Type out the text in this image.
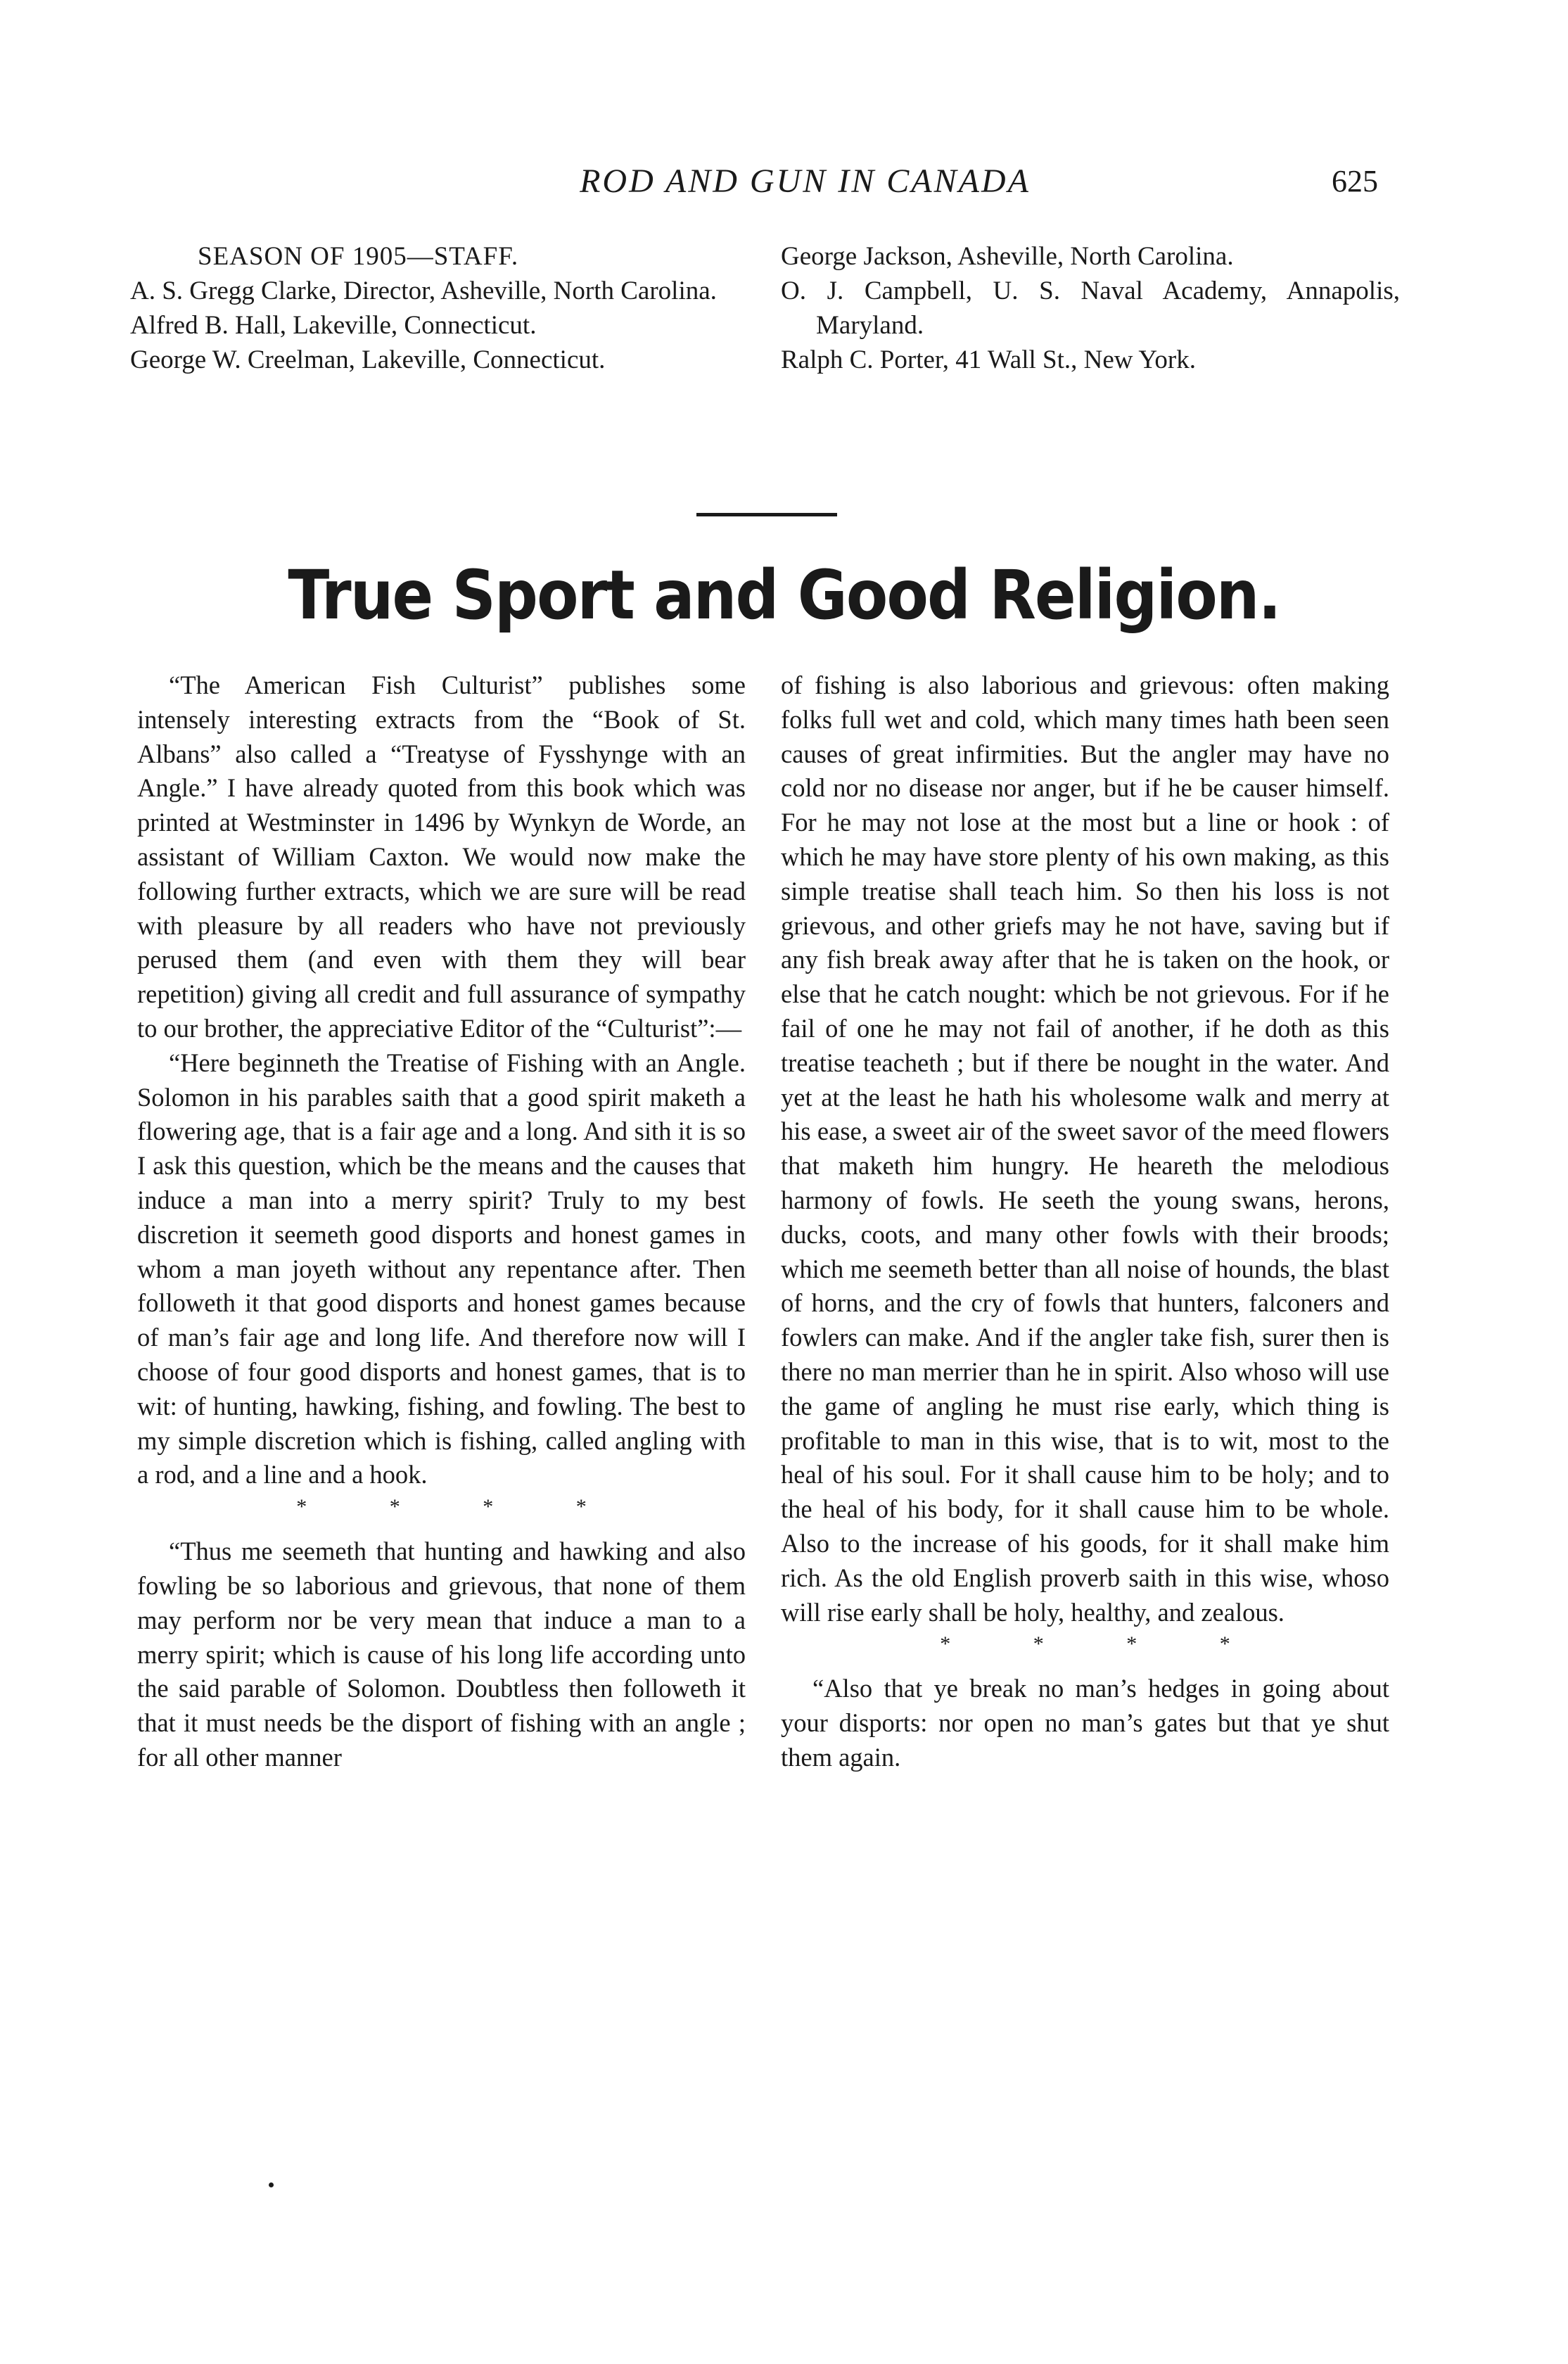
ROD AND GUN IN CANADA	625
SEASON OF 1905—STAFF.

A. S. Gregg Clarke, Director, Asheville, North Carolina.

Alfred B. Hall, Lakeville, Connecticut.

George W. Creelman, Lakeville, Connecticut.

George Jackson, Asheville, North Carolina.

O. J. Campbell, U. S. Naval Academy, Annapolis, Maryland.

Ralph C. Porter, 41 Wall St., New York.

True Sport and Good Religion.

“The American Fish Culturist” publishes some intensely interesting extracts from the “Book of St. Albans” also called a “Treatyse of Fysshynge with an Angle.” I have already quoted from this book which was printed at Westminster in 1496 by Wynkyn de Worde, an assistant of William Caxton. We would now make the following further extracts, which we are sure will be read with pleasure by all readers who have not previously perused them (and even with them they will bear repetition) giving all credit and full assurance of sympathy to our brother, the appreciative Editor of the “Culturist”:—

“Here beginneth the Treatise of Fishing with an Angle. Solomon in his parables saith that a good spirit maketh a flowering age, that is a fair age and a long. And sith it is so I ask this question, which be the means and the causes that induce a man into a merry spirit? Truly to my best discretion it seemeth good disports and honest games in whom a man joyeth without any repentance after. Then followeth it that good disports and honest games because of man’s fair age and long life. And therefore now will I choose of four good disports and honest games, that is to wit: of hunting, hawking, fishing, and fowling. The best to my simple discretion which is fishing, called angling with a rod, and a line and a hook.

* * * *

“Thus me seemeth that hunting and hawking and also fowling be so laborious and grievous, that none of them may perform nor be very mean that induce a man to a merry spirit; which is cause of his long life according unto the said parable of Solomon. Doubtless then followeth it that it must needs be the disport of fishing with an angle ; for all other manner

of fishing is also laborious and grievous: often making folks full wet and cold, which many times hath been seen causes of great infirmities. But the angler may have no cold nor no disease nor anger, but if he be causer himself. For he may not lose at the most but a line or hook : of which he may have store plenty of his own making, as this simple treatise shall teach him. So then his loss is not grievous, and other griefs may he not have, saving but if any fish break away after that he is taken on the hook, or else that he catch nought: which be not grievous. For if he fail of one he may not fail of another, if he doth as this treatise teacheth ; but if there be nought in the water. And yet at the least he hath his wholesome walk and merry at his ease, a sweet air of the sweet savor of the meed flowers that maketh him hungry. He heareth the melodious harmony of fowls. He seeth the young swans, herons, ducks, coots, and many other fowls with their broods; which me seemeth better than all noise of hounds, the blast of horns, and the cry of fowls that hunters, falconers and fowlers can make. And if the angler take fish, surer then is there no man merrier than he in spirit. Also whoso will use the game of angling he must rise early, which thing is profitable to man in this wise, that is to wit, most to the heal of his soul. For it shall cause him to be holy; and to the heal of his body, for it shall cause him to be whole. Also to the increase of his goods, for it shall make him rich. As the old English proverb saith in this wise, whoso will rise early shall be holy, healthy, and zealous.

* * * *

“Also that ye break no man’s hedges in going about your disports: nor open no man’s gates but that ye shut them again.
